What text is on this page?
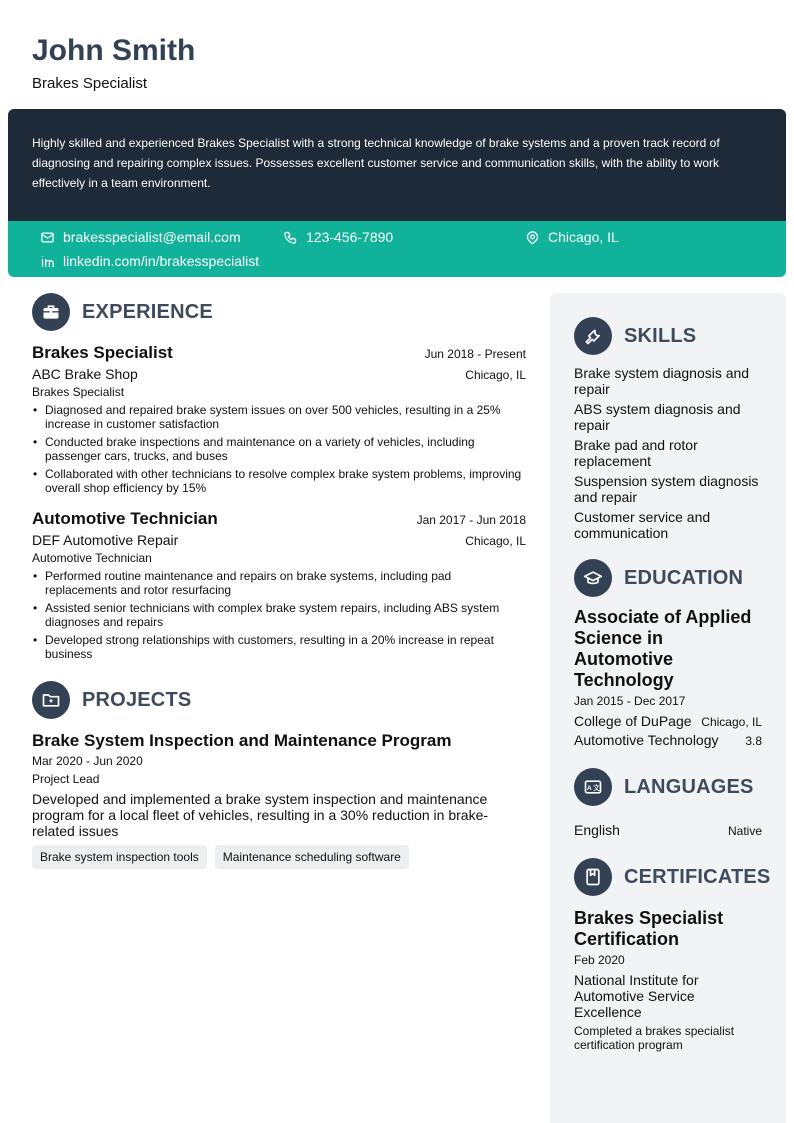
John Smith
Brakes Specialist

Highly skilled and experienced Brakes Specialist with a strong technical knowledge of brake systems and a proven track record of diagnosing and repairing complex issues. Possesses excellent customer service and communication skills, with the ability to work effectively in a team environment.

brakesspecialist@email.com	123-456-7890	Chicago, IL
linkedin.com/in/brakesspecialist
EXPERIENCE
Brakes Specialist	Jun 2018 - Present
ABC Brake Shop	Chicago, IL
Brakes Specialist
• Diagnosed and repaired brake system issues on over 500 vehicles, resulting in a 25% increase in customer satisfaction
• Conducted brake inspections and maintenance on a variety of vehicles, including passenger cars, trucks, and buses
• Collaborated with other technicians to resolve complex brake system problems, improving overall shop efficiency by 15%
Automotive Technician	Jan 2017 - Jun 2018
DEF Automotive Repair	Chicago, IL
Automotive Technician
• Performed routine maintenance and repairs on brake systems, including pad replacements and rotor resurfacing
• Assisted senior technicians with complex brake system repairs, including ABS system diagnoses and repairs
• Developed strong relationships with customers, resulting in a 20% increase in repeat business
PROJECTS
Brake System Inspection and Maintenance Program
Mar 2020 - Jun 2020
Project Lead
Developed and implemented a brake system inspection and maintenance program for a local fleet of vehicles, resulting in a 30% reduction in brake-related issues
Brake system inspection tools	Maintenance scheduling software
SKILLS
Brake system diagnosis and repair
ABS system diagnosis and repair
Brake pad and rotor replacement
Suspension system diagnosis and repair
Customer service and communication
EDUCATION
Associate of Applied Science in Automotive Technology
Jan 2015 - Dec 2017
College of DuPage Chicago, IL
Automotive Technology 3.8
A 文 LANGUAGES
English	Native
CERTIFICATES
Brakes Specialist Certification
Feb 2020
National Institute for Automotive Service Excellence
Completed a brakes specialist certification program
